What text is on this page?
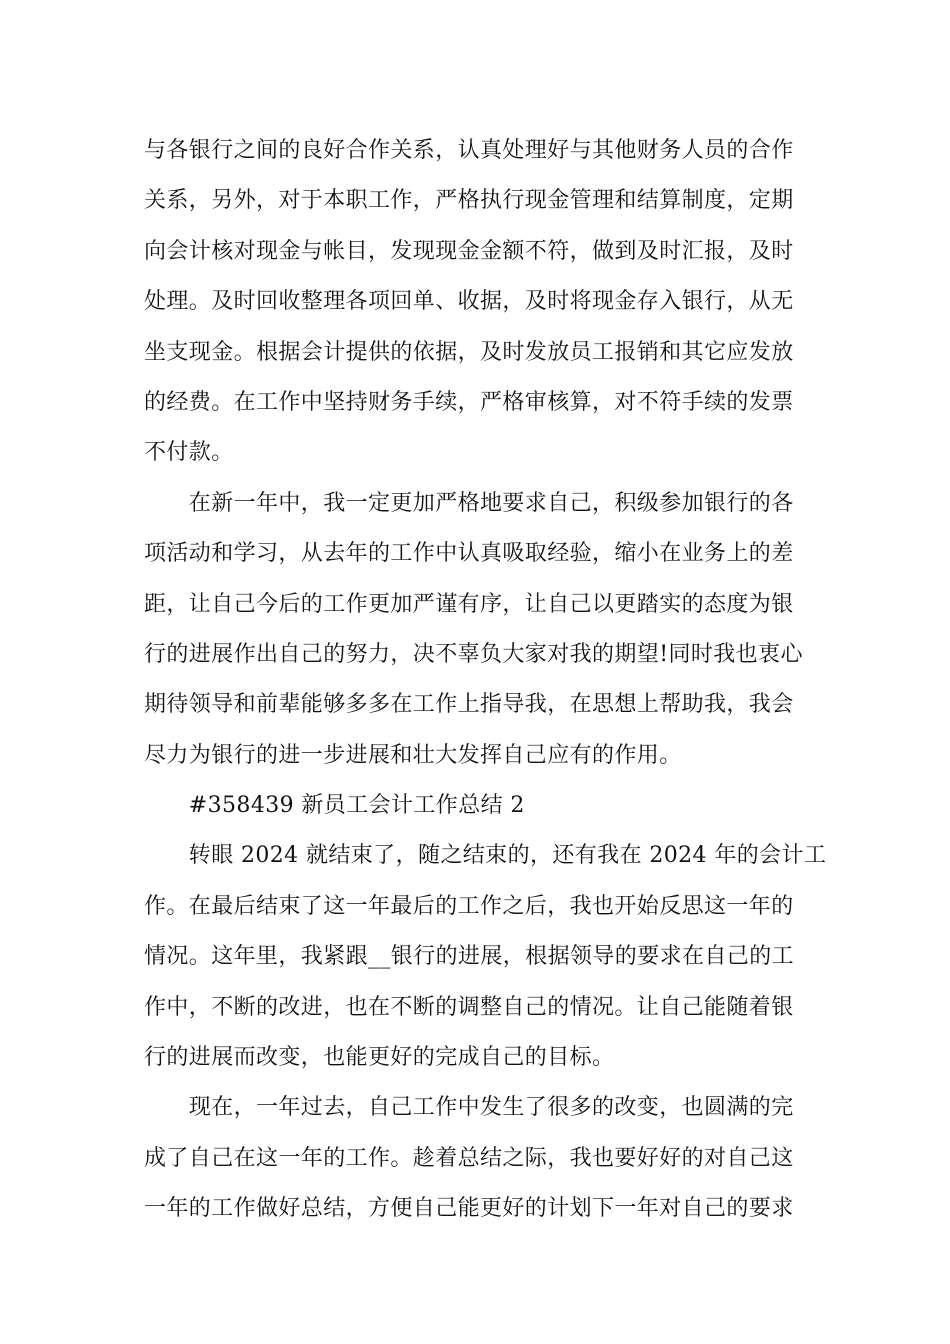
与各银行之间的良好合作关系，认真处理好与其他财务人员的合作
关系，另外，对于本职工作，严格执行现金管理和结算制度，定期
向会计核对现金与帐目，发现现金金额不符，做到及时汇报，及时
处理。及时回收整理各项回单、收据，及时将现金存入银行，从无
坐支现金。根据会计提供的依据，及时发放员工报销和其它应发放
的经费。在工作中坚持财务手续，严格审核算，对不符手续的发票
不付款。
　　在新一年中，我一定更加严格地要求自己，积级参加银行的各
项活动和学习，从去年的工作中认真吸取经验，缩小在业务上的差
距，让自己今后的工作更加严谨有序，让自己以更踏实的态度为银
行的进展作出自己的努力，决不辜负大家对我的期望!同时我也衷心
期待领导和前辈能够多多在工作上指导我，在思想上帮助我，我会
尽力为银行的进一步进展和壮大发挥自己应有的作用。
　　#358439 新员工会计工作总结 2
　　转眼 2024 就结束了，随之结束的，还有我在 2024 年的会计工
作。在最后结束了这一年最后的工作之后，我也开始反思这一年的
情况。这年里，我紧跟__银行的进展，根据领导的要求在自己的工
作中，不断的改进，也在不断的调整自己的情况。让自己能随着银
行的进展而改变，也能更好的完成自己的目标。
　　现在，一年过去，自己工作中发生了很多的改变，也圆满的完
成了自己在这一年的工作。趁着总结之际，我也要好好的对自己这
一年的工作做好总结，方便自己能更好的计划下一年对自己的要求
